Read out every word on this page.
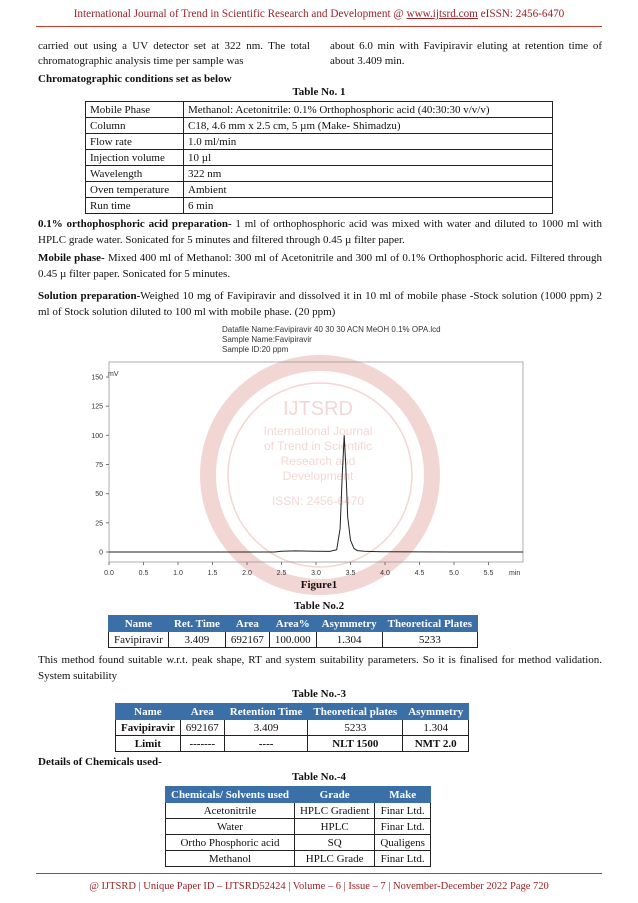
International Journal of Trend in Scientific Research and Development @ www.ijtsrd.com eISSN: 2456-6470
carried out using a UV detector set at 322 nm. The total chromatographic analysis time per sample was
about 6.0 min with Favipiravir eluting at retention time of about 3.409 min.
Chromatographic conditions set as below
Table No. 1
Mobile Phase	Methanol: Acetonitrile: 0.1% Orthophosphoric acid (40:30:30 v/v/v)
Column	C18, 4.6 mm x 2.5 cm, 5 µm (Make- Shimadzu)
Flow rate	1.0 ml/min
Injection volume	10 µl
Wavelength	322 nm
Oven temperature	Ambient
Run time	6 min
0.1% orthophosphoric acid preparation- 1 ml of orthophosphoric acid was mixed with water and diluted to 1000 ml with HPLC grade water. Sonicated for 5 minutes and filtered through 0.45 µ filter paper.
Mobile phase- Mixed 400 ml of Methanol: 300 ml of Acetonitrile and 300 ml of 0.1% Orthophosphoric acid. Filtered through 0.45 µ filter paper. Sonicated for 5 minutes.
Solution preparation-Weighed 10 mg of Favipiravir and dissolved it in 10 ml of mobile phase -Stock solution (1000 ppm) 2 ml of Stock solution diluted to 100 ml with mobile phase. (20 ppm)
Datafile Name:Favipiravir 40 30 30 ACN MeOH 0.1% OPA.lcd
Sample Name:Favipiravir
Sample ID:20 ppm
IJTSRD
International Journal
of Trend in Scientific
Research and
Development
ISSN: 2456-6470
0
25
50
75
100
125
150
0.0	0.5	1.0	1.5	2.0	2.5	3.0	3.5	4.0	4.5	5.0	5.5
mV
min
Figure1
Table No.2
Name	Ret. Time	Area	Area%	Asymmetry	Theoretical Plates
Favipiravir	3.409	692167	100.000	1.304	5233
This method found suitable w.r.t. peak shape, RT and system suitability parameters. So it is finalised for method validation. System suitability
Table No.-3
Name	Area	Retention Time	Theoretical plates	Asymmetry
Favipiravir	692167	3.409	5233	1.304
Limit	-------	----	NLT 1500	NMT 2.0
Details of Chemicals used-
Table No.-4
Chemicals/ Solvents used	Grade	Make
Acetonitrile	HPLC Gradient	Finar Ltd.
Water	HPLC	Finar Ltd.
Ortho Phosphoric acid	SQ	Qualigens
Methanol	HPLC Grade	Finar Ltd.
@ IJTSRD | Unique Paper ID – IJTSRD52424 | Volume – 6 | Issue – 7 | November-December 2022 Page 720
